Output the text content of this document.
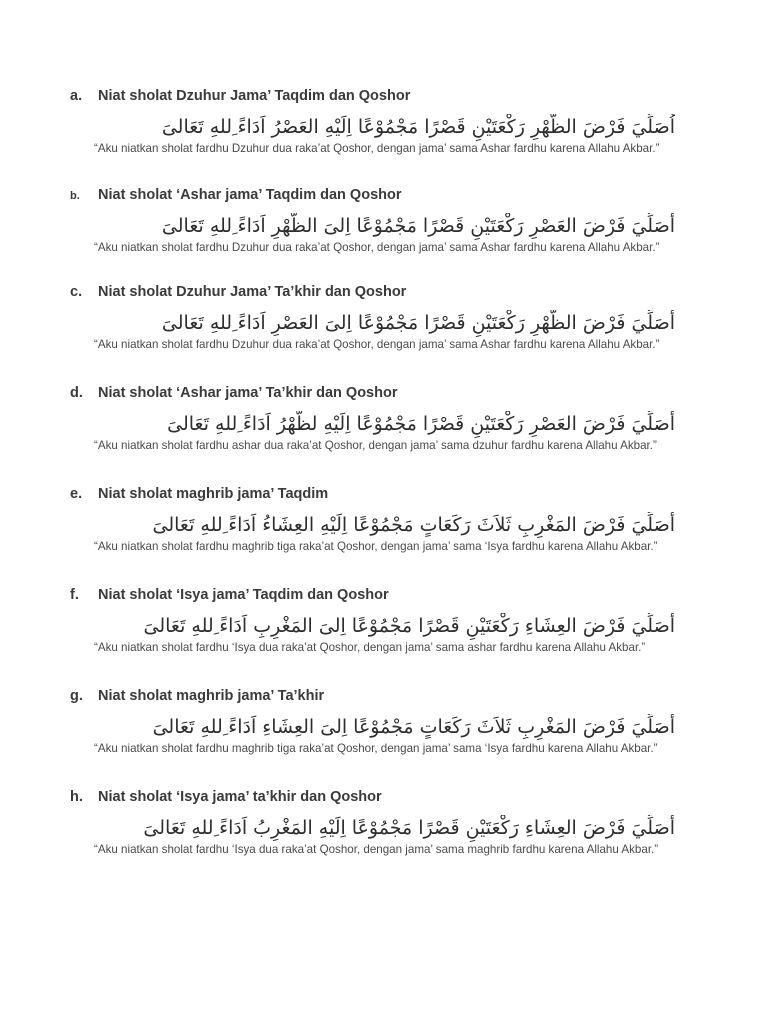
a. Niat sholat Dzuhur Jama’ Taqdim dan Qoshor
اُصَلِّيَ فَرْضَ الظُّهْرِ رَكْعَتَيْنِ قَصْرًا مَجْمُوْعًا اِلَيْهِ العَصْرُ اَدَاءً ِللهِ تَعَالىَ
“Aku niatkan sholat fardhu Dzuhur dua raka’at Qoshor, dengan jama’ sama Ashar fardhu karena Allahu Akbar.”
b. Niat sholat ‘Ashar jama’ Taqdim dan Qoshor
أُصَلِّيَ فَرْضَ العَصْرِ رَكْعَتَيْنِ قَصْرًا مَجْمُوْعًا اِلىَ الظُّهْرِ اَدَاءً ِللهِ تَعَالىَ
“Aku niatkan sholat fardhu Dzuhur dua raka’at Qoshor, dengan jama’ sama Ashar fardhu karena Allahu Akbar.”
c. Niat sholat Dzuhur Jama’ Ta’khir dan Qoshor
أُصَلِّيَ فَرْضَ الظُّهْرِ رَكْعَتَيْنِ قَصْرًا مَجْمُوْعًا اِلىَ العَصْرِ اَدَاءً ِللهِ تَعَالىَ
“Aku niatkan sholat fardhu Dzuhur dua raka’at Qoshor, dengan jama’ sama Ashar fardhu karena Allahu Akbar.”
d. Niat sholat ‘Ashar jama’ Ta’khir dan Qoshor
أُصَلِّيَ فَرْضَ العَصْرِ رَكْعَتَيْنِ قَصْرًا مَجْمُوْعًا اِلَيْهِ لظُّهْرُ اَدَاءً ِللهِ تَعَالىَ
“Aku niatkan sholat fardhu ashar dua raka’at Qoshor, dengan jama’ sama dzuhur fardhu karena Allahu Akbar.”
e. Niat sholat maghrib jama’ Taqdim
أُصَلِّيَ فَرْضَ المَغْرِبِ ثَلاَثَ رَكَعَاتٍ مَجْمُوْعًا اِلَيْهِ العِشَاءُ اَدَاءً ِللهِ تَعَالىَ
“Aku niatkan sholat fardhu maghrib tiga raka’at Qoshor, dengan jama’ sama ‘Isya fardhu karena Allahu Akbar.”
f. Niat sholat ‘Isya jama’ Taqdim dan Qoshor
أُصَلِّيَ فَرْضَ العِشَاءِ رَكْعَتَيْنِ قَصْرًا مَجْمُوْعًا اِلىَ المَغْرِبِ اَدَاءً ِللهِ تَعَالىَ
“Aku niatkan sholat fardhu ‘Isya dua raka’at Qoshor, dengan jama’ sama ashar fardhu karena Allahu Akbar.”
g. Niat sholat maghrib jama’ Ta’khir
أُصَلِّيَ فَرْضَ المَغْرِبِ ثَلاَثَ رَكَعَاتٍ مَجْمُوْعًا اِلىَ العِشَاءِ اَدَاءً ِللهِ تَعَالىَ
“Aku niatkan sholat fardhu maghrib tiga raka’at Qoshor, dengan jama’ sama ‘Isya fardhu karena Allahu Akbar.”
h. Niat sholat ‘Isya jama’ ta’khir dan Qoshor
أُصَلِّيَ فَرْضَ العِشَاءِ رَكْعَتَيْنِ قَصْرًا مَجْمُوْعًا اِلَيْهِ المَغْرِبُ اَدَاءً ِللهِ تَعَالىَ
“Aku niatkan sholat fardhu ‘Isya dua raka’at Qoshor, dengan jama’ sama maghrib fardhu karena Allahu Akbar.”
